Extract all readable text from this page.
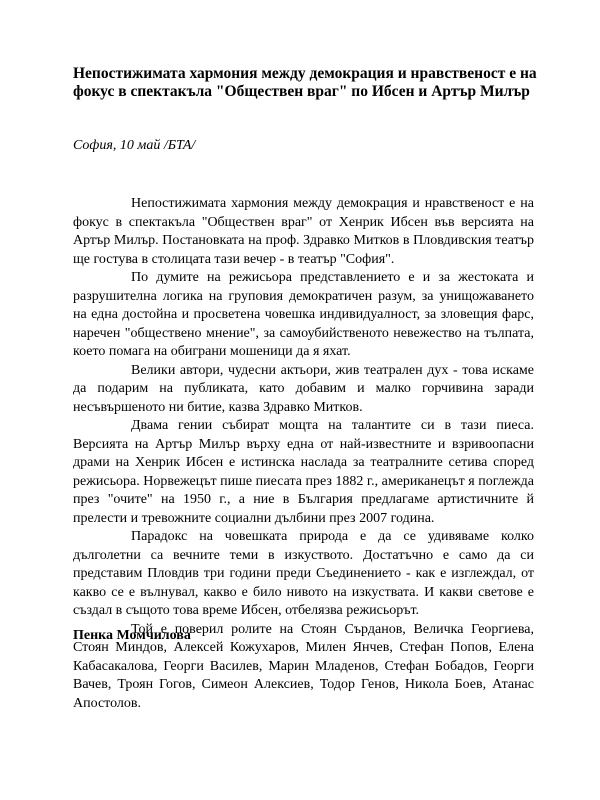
Непостижимата хармония между демокрация и нравственост е на фокус в спектакъла "Обществен враг" по Ибсен и Артър Милър

София, 10 май /БТА/

Непостижимата хармония между демокрация и нравственост е на фокус в спектакъла "Обществен враг" от Хенрик Ибсен във версията на Артър Милър. Постановката на проф. Здравко Митков в Пловдивския театър ще гостува в столицата тази вечер - в театър "София".

По думите на режисьора представлението е и за жестоката и разрушителна логика на груповия демократичен разум, за унищожаването на една достойна и просветена човешка индивидуалност, за зловещия фарс, наречен "обществено мнение", за самоубийственото невежество на тълпата, което помага на обиграни мошеници да я яхат.

Велики автори, чудесни актьори, жив театрален дух - това искаме да подарим на публиката, като добавим и малко горчивина заради несъвършеното ни битие, казва Здравко Митков.

Двама гении събират мощта на талантите си в тази пиеса. Версията на Артър Милър върху една от най-известните и взривоопасни драми на Хенрик Ибсен е истинска наслада за театралните сетива според режисьора. Норвежецът пише пиесата през 1882 г., американецът я поглежда през "очите" на 1950 г., а ние в България предлагаме артистичните й прелести и тревожните социални дълбини през 2007 година.

Парадокс на човешката природа е да се удивяваме колко дълголетни са вечните теми в изкуството. Достатъчно е само да си представим Пловдив три години преди Съединението - как е изглеждал, от какво се е вълнувал, какво е било нивото на изкуствата. И какви светове е създал в същото това време Ибсен, отбелязва режисьорът.

Той е поверил ролите на Стоян Сърданов, Величка Георгиева, Стоян Миндов, Алексей Кожухаров, Милен Янчев, Стефан Попов, Елена Кабасакалова, Георги Василев, Марин Младенов, Стефан Бобадов, Георги Вачев, Троян Гогов, Симеон Алексиев, Тодор Генов, Никола Боев, Атанас Апостолов.

Пенка Момчилова
